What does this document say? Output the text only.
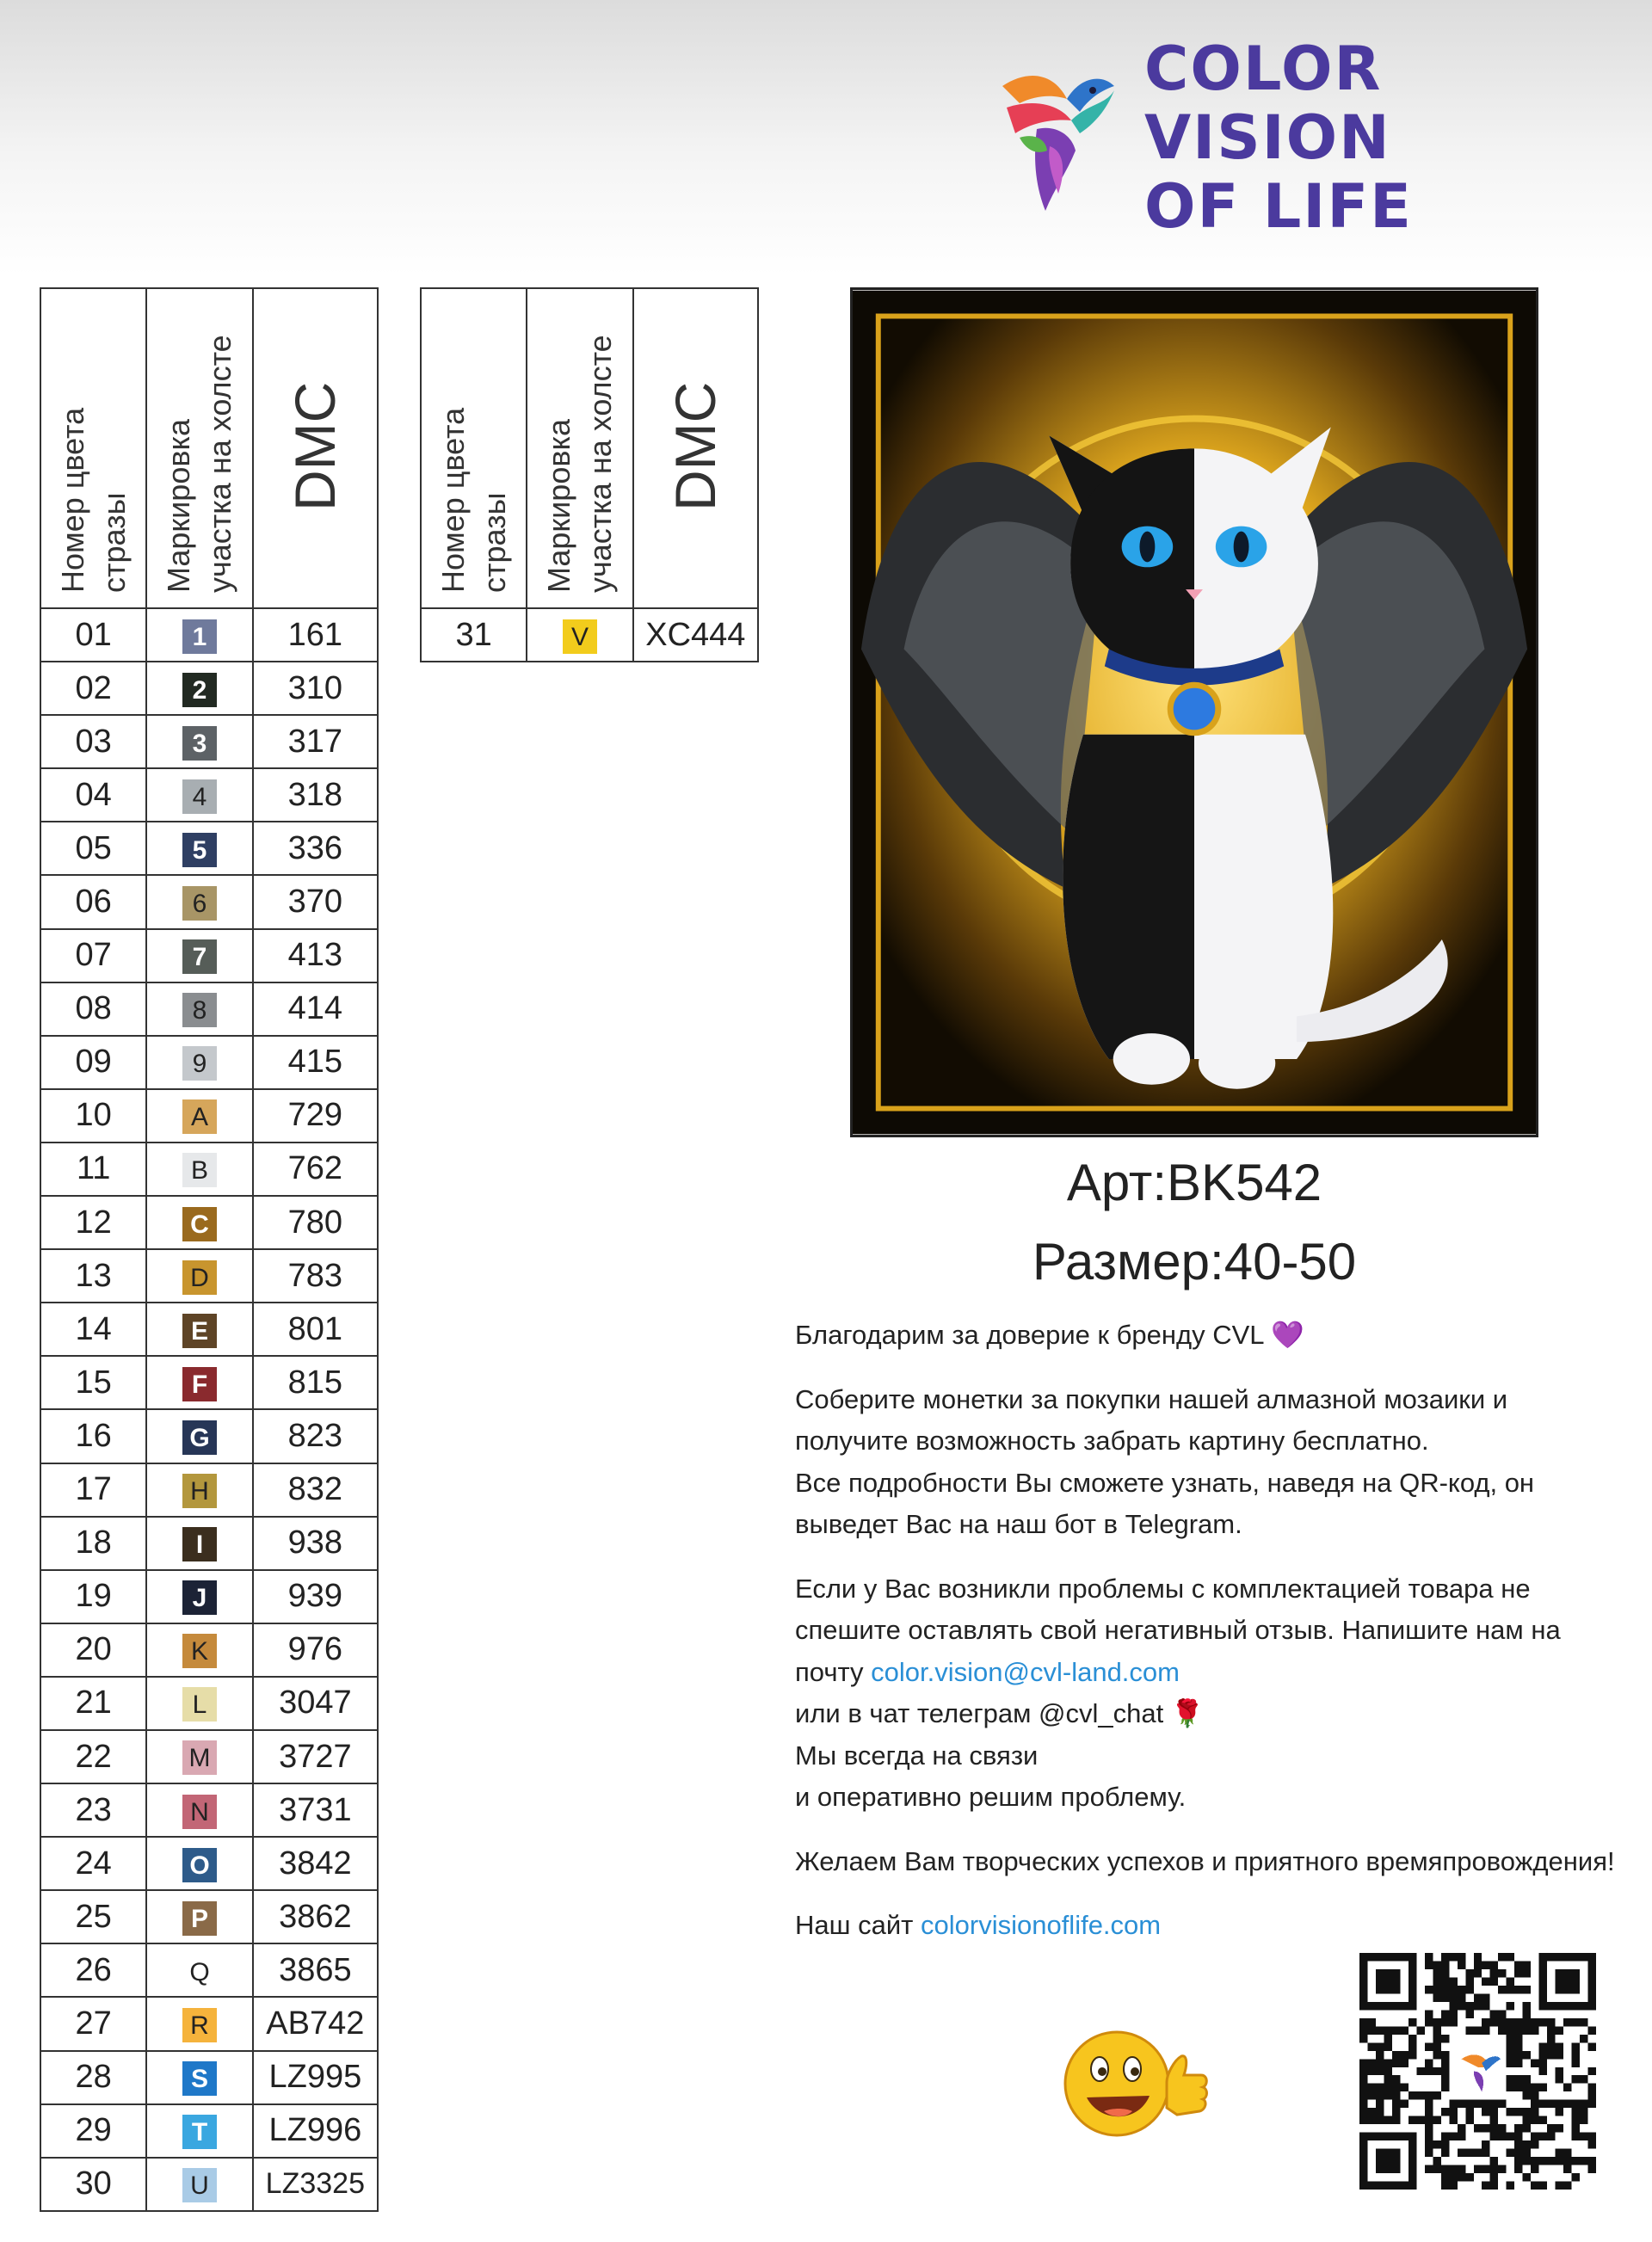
COLOR
VISION
OF LIFE
Номер цвета стразы	Маркировка участка на холсте	DMC
01	1	161
02	2	310
03	3	317
04	4	318
05	5	336
06	6	370
07	7	413
08	8	414
09	9	415
10	A	729
11	B	762
12	C	780
13	D	783
14	E	801
15	F	815
16	G	823
17	H	832
18	I	938
19	J	939
20	K	976
21	L	3047
22	M	3727
23	N	3731
24	O	3842
25	P	3862
26	Q	3865
27	R	AB742
28	S	LZ995
29	T	LZ996
30	U	LZ3325
Номер цвета стразы	Маркировка участка на холсте	DMC
31	V	XC444
Арт:BK542
Размер:40-50

Благодарим за доверие к бренду CVL 💜

Соберите монетки за покупки нашей алмазной мозаики и получите возможность забрать картину бесплатно.
Все подробности Вы сможете узнать, наведя на QR-код, он выведет Вас на наш бот в Telegram.

Если у Вас возникли проблемы с комплектацией товара не спешите оставлять свой негативный отзыв. Напишите нам на почту color.vision@cvl-land.com
или в чат телеграм @cvl_chat 🌹
Мы всегда на связи
и оперативно решим проблему.

Желаем Вам творческих успехов и приятного времяпровождения!

Наш сайт colorvisionoflife.com
